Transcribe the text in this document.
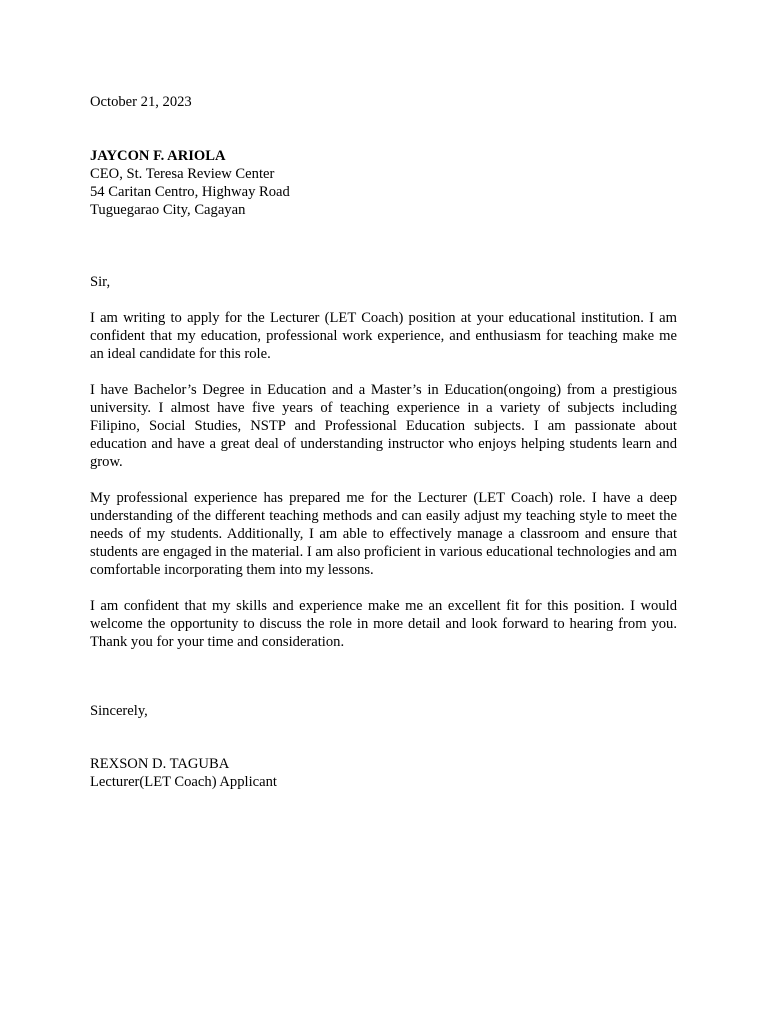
October 21, 2023
JAYCON F. ARIOLA
CEO, St. Teresa Review Center
54 Caritan Centro, Highway Road
Tuguegarao City, Cagayan
Sir,

I am writing to apply for the Lecturer (LET Coach) position at your educational institution. I am confident that my education, professional work experience, and enthusiasm for teaching make me an ideal candidate for this role.

I have Bachelor’s Degree in Education and a Master’s in Education(ongoing) from a prestigious university. I almost have five years of teaching experience in a variety of subjects including Filipino, Social Studies, NSTP and Professional Education subjects. I am passionate about education and have a great deal of understanding instructor who enjoys helping students learn and grow.

My professional experience has prepared me for the Lecturer (LET Coach) role. I have a deep understanding of the different teaching methods and can easily adjust my teaching style to meet the needs of my students. Additionally, I am able to effectively manage a classroom and ensure that students are engaged in the material. I am also proficient in various educational technologies and am comfortable incorporating them into my lessons.

I am confident that my skills and experience make me an excellent fit for this position. I would welcome the opportunity to discuss the role in more detail and look forward to hearing from you. Thank you for your time and consideration.

Sincerely,
REXSON D. TAGUBA
Lecturer(LET Coach) Applicant
